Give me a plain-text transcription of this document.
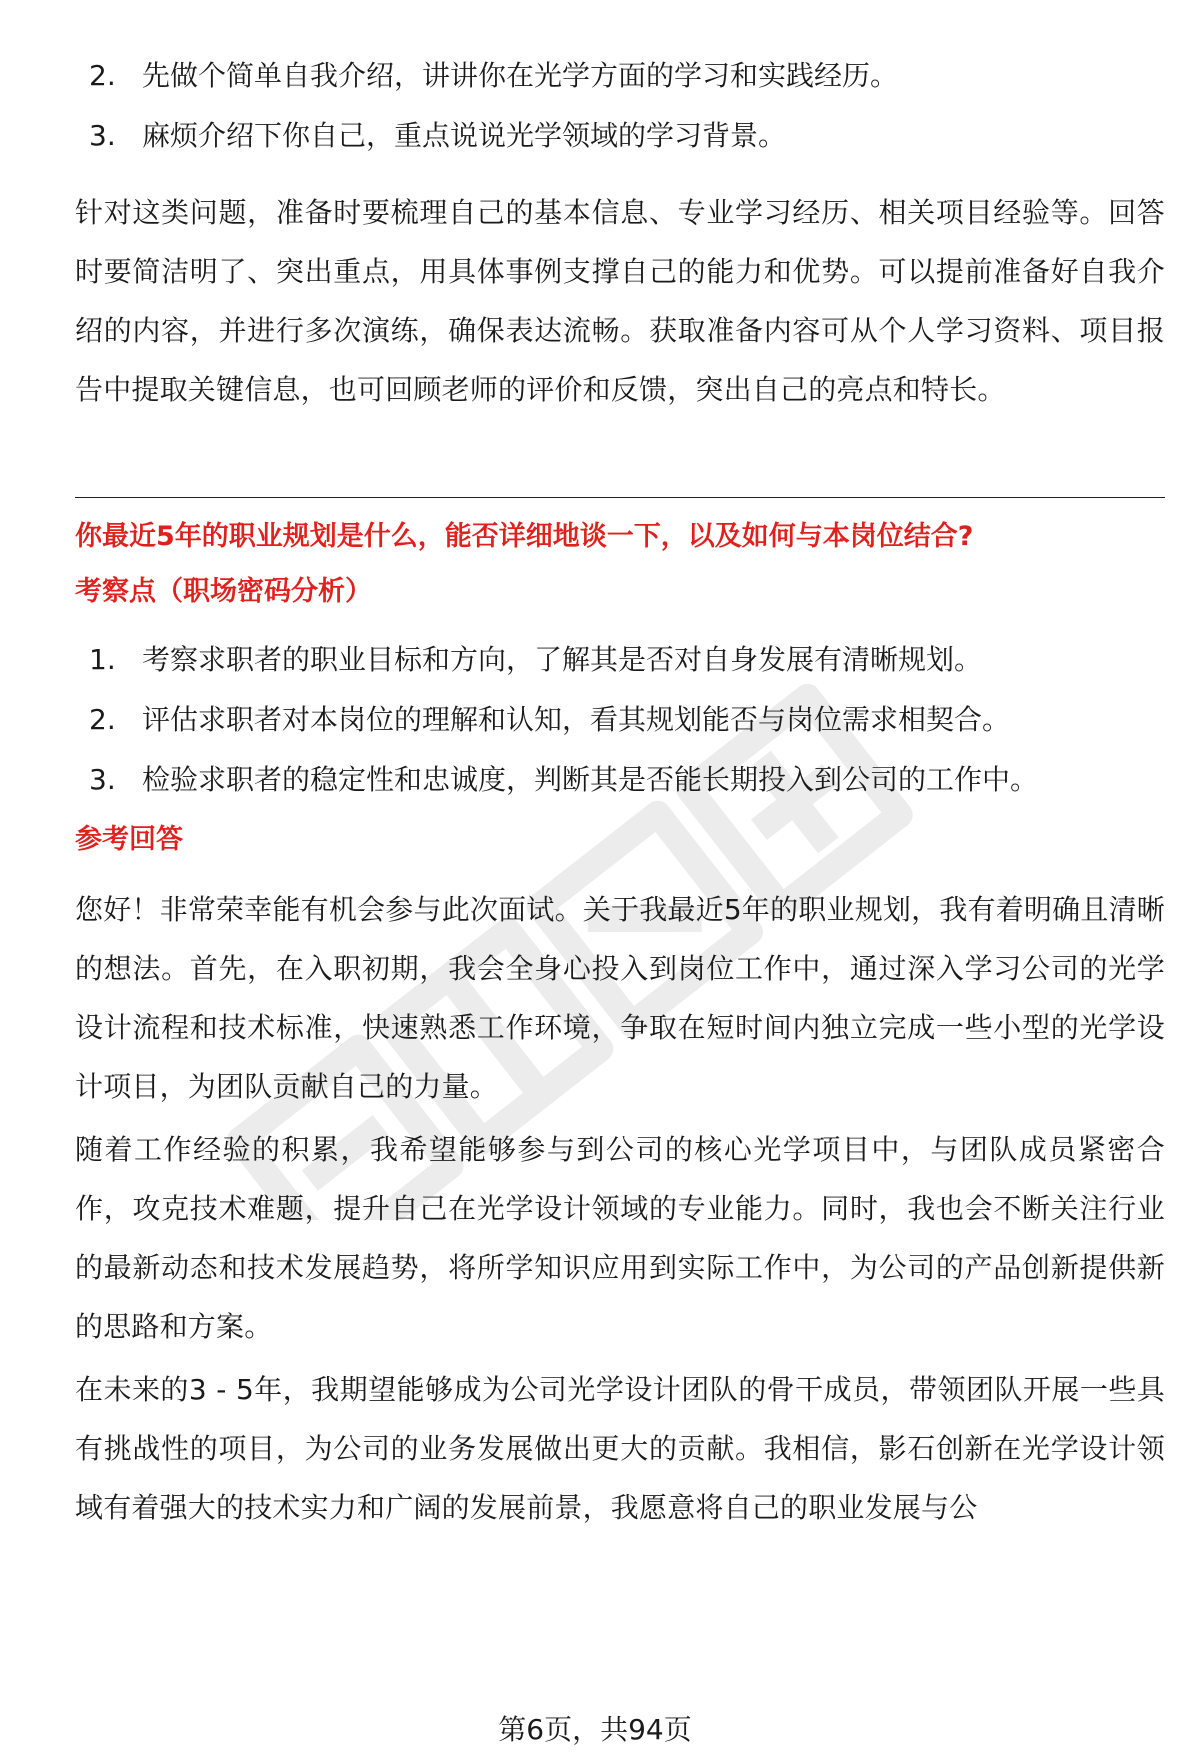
2. 先做个简单自我介绍，讲讲你在光学方面的学习和实践经历。
3. 麻烦介绍下你自己，重点说说光学领域的学习背景。

针对这类问题，准备时要梳理自己的基本信息、专业学习经历、相关项目经验等。回答时要简洁明了、突出重点，用具体事例支撑自己的能力和优势。可以提前准备好自我介绍的内容，并进行多次演练，确保表达流畅。获取准备内容可从个人学习资料、项目报告中提取关键信息，也可回顾老师的评价和反馈，突出自己的亮点和特长。

你最近5年的职业规划是什么，能否详细地谈一下，以及如何与本岗位结合?
考察点（职场密码分析）
1. 考察求职者的职业目标和方向，了解其是否对自身发展有清晰规划。
2. 评估求职者对本岗位的理解和认知，看其规划能否与岗位需求相契合。
3. 检验求职者的稳定性和忠诚度，判断其是否能长期投入到公司的工作中。
参考回答

您好！非常荣幸能有机会参与此次面试。关于我最近5年的职业规划，我有着明确且清晰的想法。首先，在入职初期，我会全身心投入到岗位工作中，通过深入学习公司的光学设计流程和技术标准，快速熟悉工作环境，争取在短时间内独立完成一些小型的光学设计项目，为团队贡献自己的力量。

随着工作经验的积累，我希望能够参与到公司的核心光学项目中，与团队成员紧密合作，攻克技术难题，提升自己在光学设计领域的专业能力。同时，我也会不断关注行业的最新动态和技术发展趋势，将所学知识应用到实际工作中，为公司的产品创新提供新的思路和方案。

在未来的3 - 5年，我期望能够成为公司光学设计团队的骨干成员，带领团队开展一些具有挑战性的项目，为公司的业务发展做出更大的贡献。我相信，影石创新在光学设计领域有着强大的技术实力和广阔的发展前景，我愿意将自己的职业发展与公

第6页，共94页
